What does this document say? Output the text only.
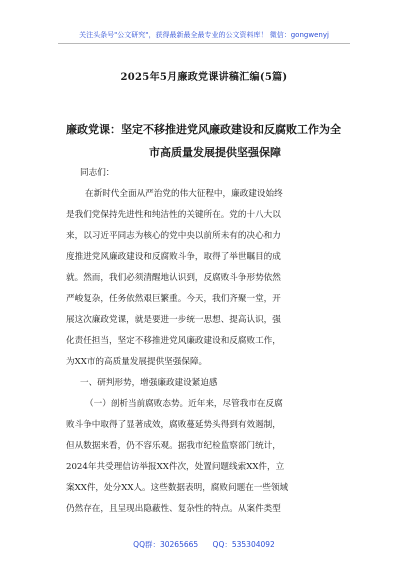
关注头条号"公文研究"，获得最新最全最专业的公文资料库！ 微信：gongwenyj
2025年5月廉政党课讲稿汇编(5篇)
廉政党课：坚定不移推进党风廉政建设和反腐败工作为全
市高质量发展提供坚强保障
同志们：
在新时代全面从严治党的伟大征程中，廉政建设始终
是我们党保持先进性和纯洁性的关键所在。党的十八大以
来，以习近平同志为核心的党中央以前所未有的决心和力
度推进党风廉政建设和反腐败斗争，取得了举世瞩目的成
就。然而，我们必须清醒地认识到，反腐败斗争形势依然
严峻复杂，任务依然艰巨繁重。今天，我们齐聚一堂，开
展这次廉政党课，就是要进一步统一思想、提高认识，强
化责任担当，坚定不移推进党风廉政建设和反腐败工作，
为XX市的高质量发展提供坚强保障。
一、研判形势，增强廉政建设紧迫感
（一）剖析当前腐败态势。近年来，尽管我市在反腐
败斗争中取得了显著成效，腐败蔓延势头得到有效遏制，
但从数据来看，仍不容乐观。据我市纪检监察部门统计，
2024年共受理信访举报XX件次，处置问题线索XX件，立
案XX件，处分XX人。这些数据表明，腐败问题在一些领域
仍然存在，且呈现出隐蔽性、复杂性的特点。从案件类型
QQ群：30265665 QQ：535304092
